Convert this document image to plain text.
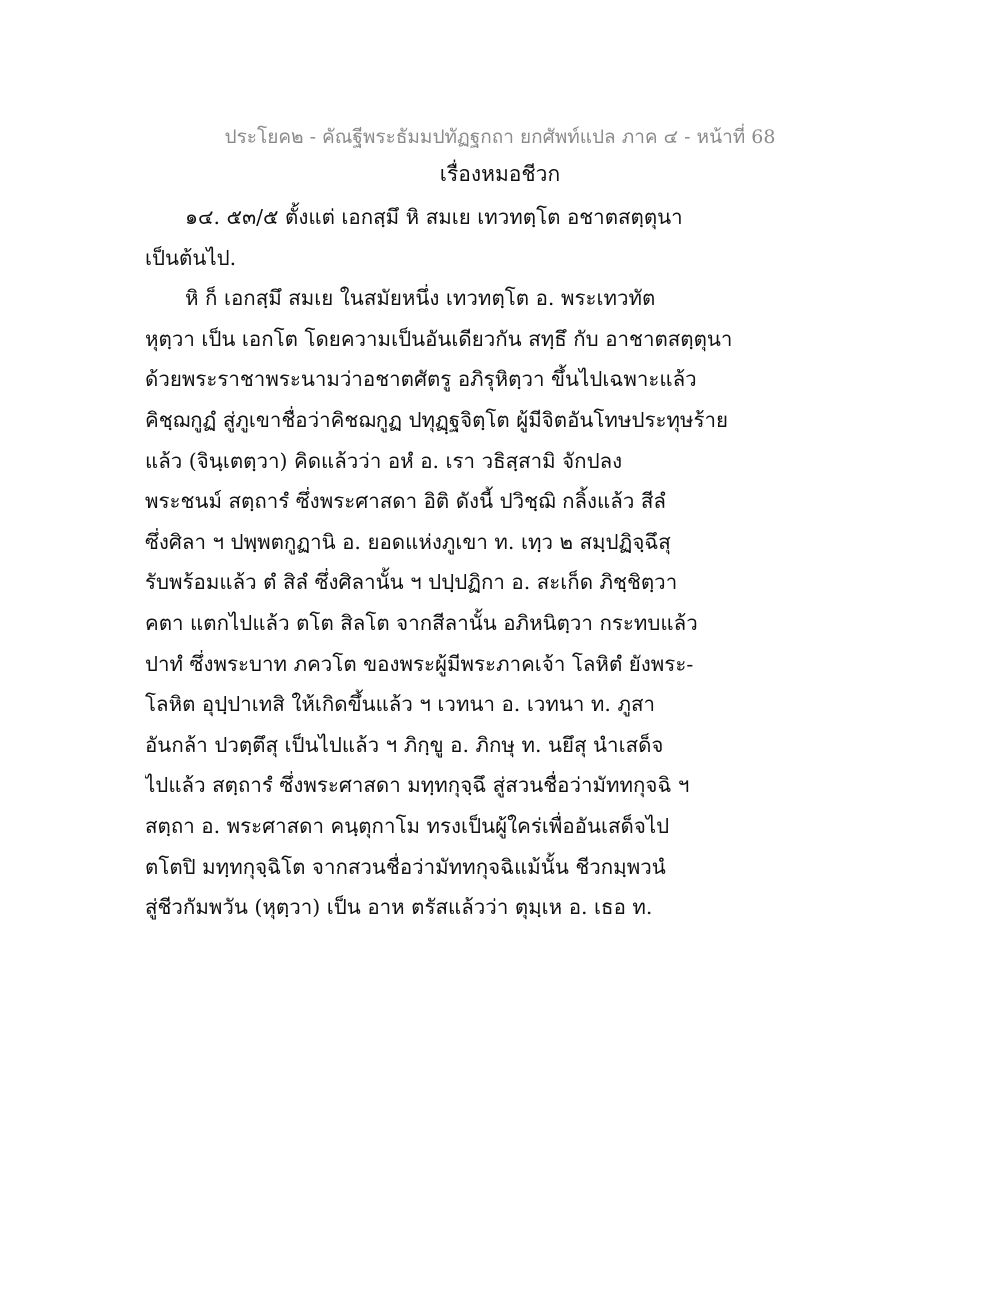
ประโยค๒ - คัณฐีพระธัมมปทัฏฐกถา ยกศัพท์แปล ภาค ๔ - หน้าที่ 68
เรื่องหมอชีวก
๑๔. ๕๓/๕ ตั้งแต่ เอกสฺมึ หิ สมเย เทวทตฺโต อชาตสตฺตุนา
เป็นต้นไป.
หิ ก็ เอกสฺมึ สมเย ในสมัยหนึ่ง เทวทตฺโต อ. พระเทวทัต
หุตฺวา เป็น เอกโต โดยความเป็นอันเดียวกัน สทฺธึ กับ อาชาตสตฺตุนา
ด้วยพระราชาพระนามว่าอชาตศัตรู อภิรุหิตฺวา ขึ้นไปเฉพาะแล้ว
คิชฺฌกูฏํ สู่ภูเขาชื่อว่าคิชฌกูฏ ปทุฏฺฐจิตฺโต ผู้มีจิตอันโทษประทุษร้าย
แล้ว (จินฺเตตฺวา) คิดแล้วว่า อหํ อ. เรา วธิสฺสามิ จักปลง
พระชนม์ สตฺถารํ ซึ่งพระศาสดา อิติ ดังนี้ ปวิชฺฌิ กลิ้งแล้ว สีลํ
ซึ่งศิลา ฯ ปพฺพตกูฏานิ อ. ยอดแห่งภูเขา ท. เทฺว ๒ สมฺปฏิจฺฉึสุ
รับพร้อมแล้ว ตํ สิลํ ซึ่งศิลานั้น ฯ ปปฺปฏิกา อ. สะเก็ด ภิชฺชิตฺวา
คตา แตกไปแล้ว ตโต สิลโต จากสีลานั้น อภิหนิตฺวา กระทบแล้ว
ปาทํ ซึ่งพระบาท ภควโต ของพระผู้มีพระภาคเจ้า โลหิตํ ยังพระ-
โลหิต อุปฺปาเทสิ ให้เกิดขึ้นแล้ว ฯ เวทนา อ. เวทนา ท. ภูสา
อันกล้า ปวตฺตึสุ เป็นไปแล้ว ฯ ภิกฺขู อ. ภิกษุ ท. นยึสุ นำเสด็จ
ไปแล้ว สตฺถารํ ซึ่งพระศาสดา มทฺทกุจฺฉึ สู่สวนชื่อว่ามัททกุจฉิ ฯ
สตฺถา อ. พระศาสดา คนฺตุกาโม ทรงเป็นผู้ใคร่เพื่ออันเสด็จไป
ตโตปิ มทฺทกุจฺฉิโต จากสวนชื่อว่ามัททกุจฉิแม้นั้น ชีวกมฺพวนํ
สู่ชีวกัมพวัน (หุตฺวา) เป็น อาห ตรัสแล้วว่า ตุมฺเห อ. เธอ ท.
